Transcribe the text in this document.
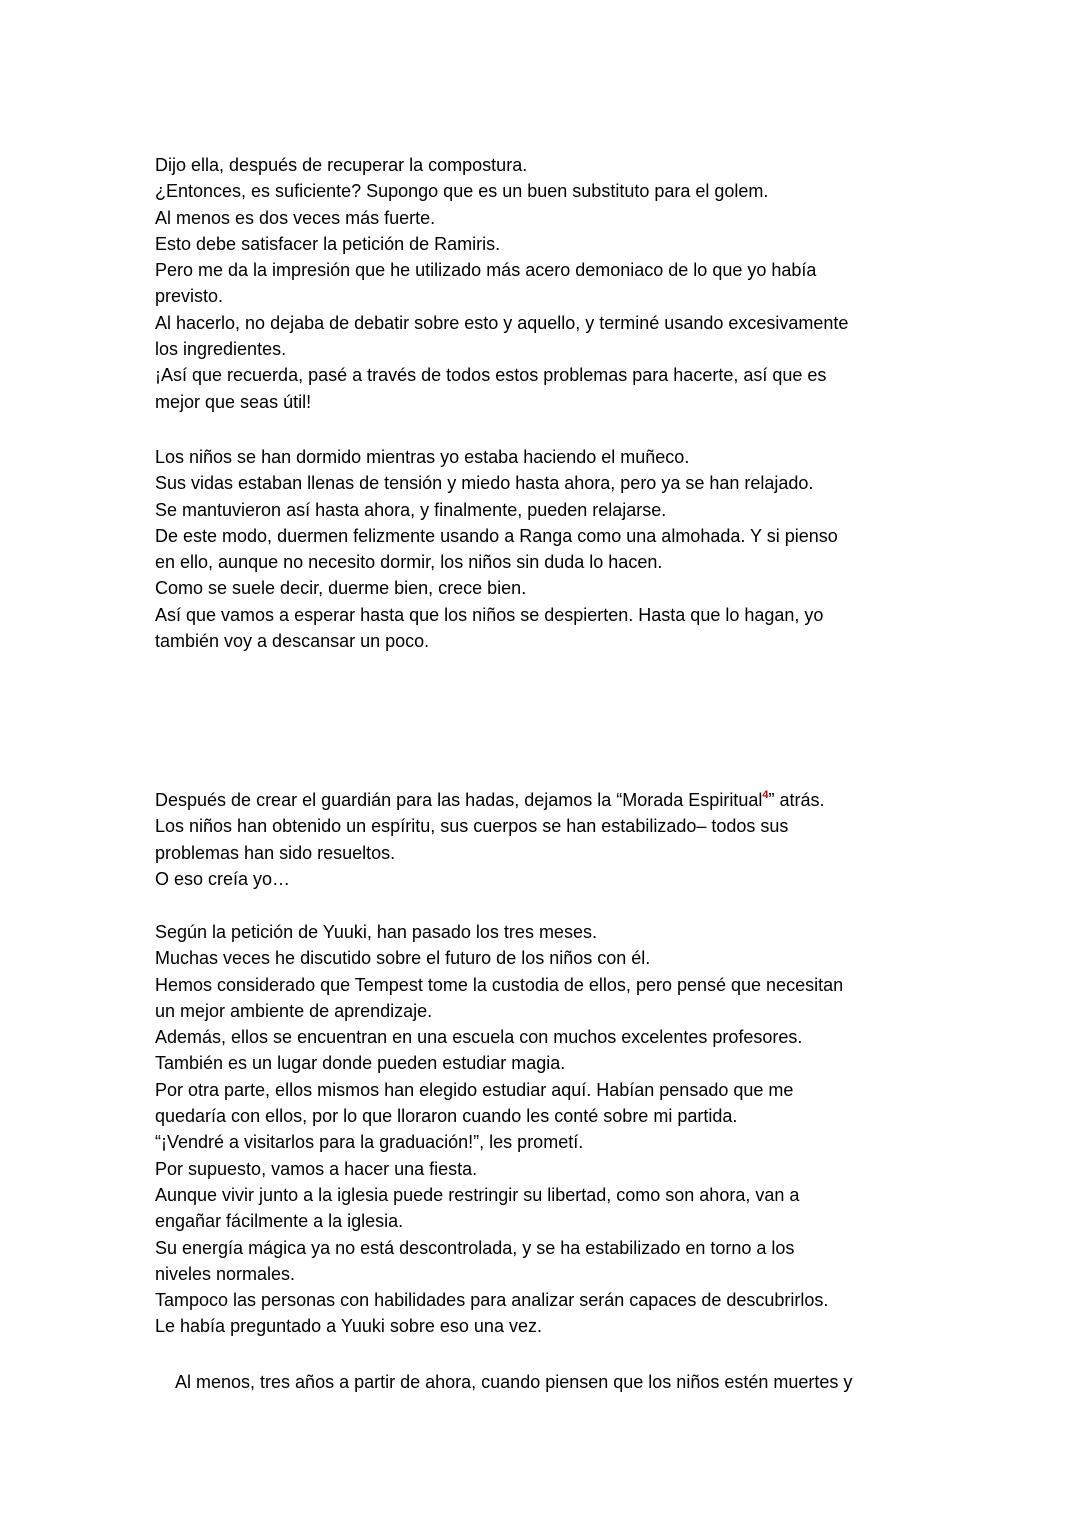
Dijo ella, después de recuperar la compostura.
¿Entonces, es suficiente? Supongo que es un buen substituto para el golem.
Al menos es dos veces más fuerte.
Esto debe satisfacer la petición de Ramiris.
Pero me da la impresión que he utilizado más acero demoniaco de lo que yo había
previsto.
Al hacerlo, no dejaba de debatir sobre esto y aquello, y terminé usando excesivamente
los ingredientes.
¡Así que recuerda, pasé a través de todos estos problemas para hacerte, así que es
mejor que seas útil!
Los niños se han dormido mientras yo estaba haciendo el muñeco.
Sus vidas estaban llenas de tensión y miedo hasta ahora, pero ya se han relajado.
Se mantuvieron así hasta ahora, y finalmente, pueden relajarse.
De este modo, duermen felizmente usando a Ranga como una almohada. Y si pienso
en ello, aunque no necesito dormir, los niños sin duda lo hacen.
Como se suele decir, duerme bien, crece bien.
Así que vamos a esperar hasta que los niños se despierten. Hasta que lo hagan, yo
también voy a descansar un poco.
Después de crear el guardián para las hadas, dejamos la “Morada Espiritual$^4$” atrás.
Los niños han obtenido un espíritu, sus cuerpos se han estabilizado– todos sus
problemas han sido resueltos.
O eso creía yo…
Según la petición de Yuuki, han pasado los tres meses.
Muchas veces he discutido sobre el futuro de los niños con él.
Hemos considerado que Tempest tome la custodia de ellos, pero pensé que necesitan
un mejor ambiente de aprendizaje.
Además, ellos se encuentran en una escuela con muchos excelentes profesores.
También es un lugar donde pueden estudiar magia.
Por otra parte, ellos mismos han elegido estudiar aquí. Habían pensado que me
quedaría con ellos, por lo que lloraron cuando les conté sobre mi partida.
“¡Vendré a visitarlos para la graduación!”, les prometí.
Por supuesto, vamos a hacer una fiesta.
Aunque vivir junto a la iglesia puede restringir su libertad, como son ahora, van a
engañar fácilmente a la iglesia.
Su energía mágica ya no está descontrolada, y se ha estabilizado en torno a los
niveles normales.
Tampoco las personas con habilidades para analizar serán capaces de descubrirlos.
Le había preguntado a Yuuki sobre eso una vez.
Al menos, tres años a partir de ahora, cuando piensen que los niños estén muertes y
